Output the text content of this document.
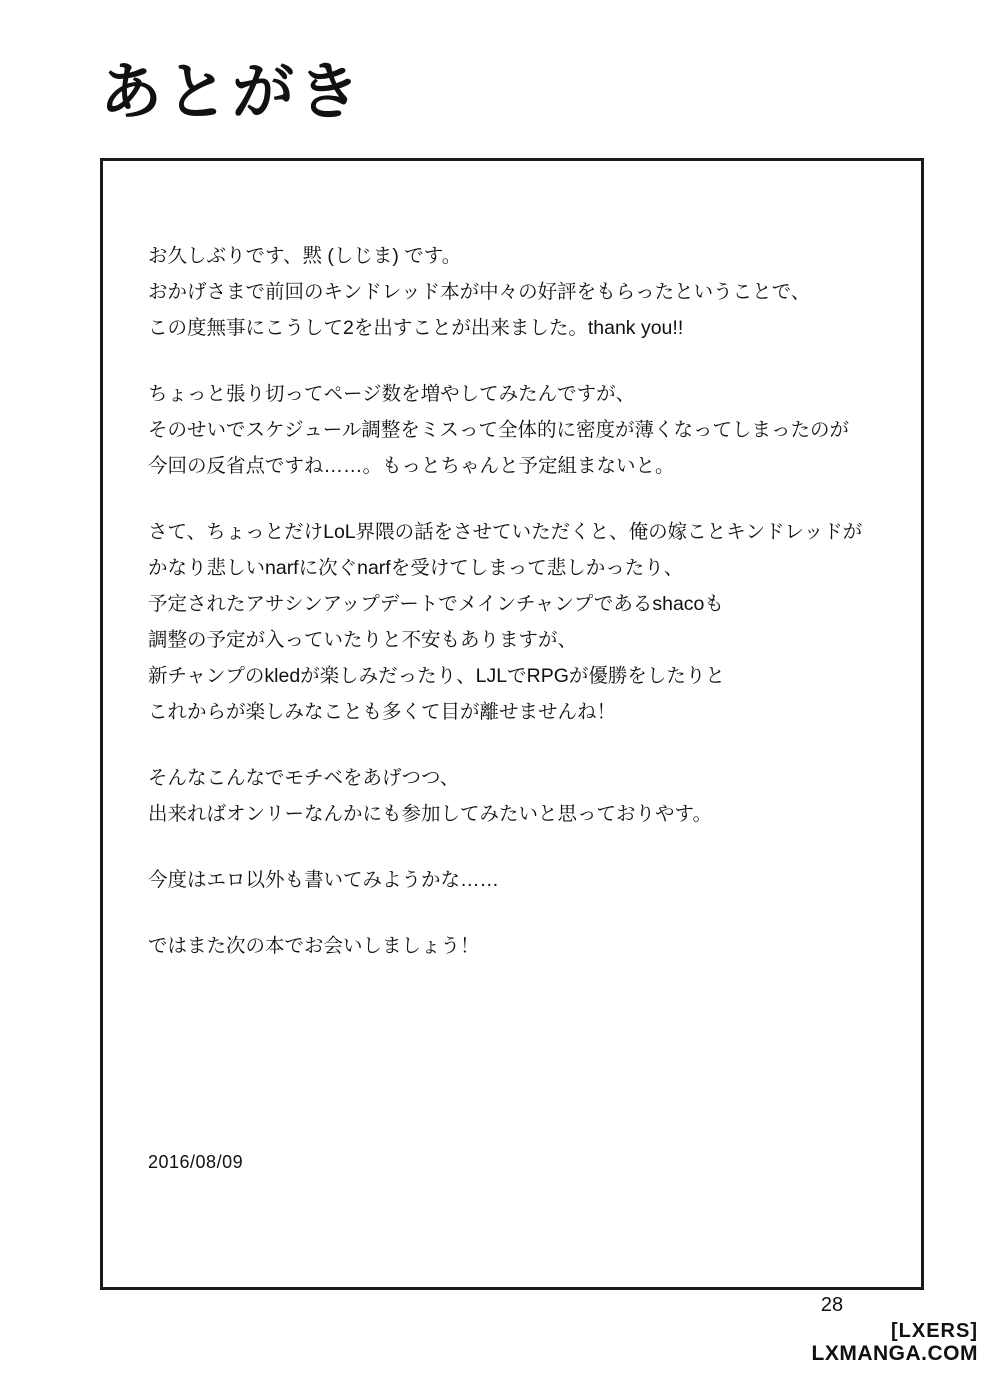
あとがき

お久しぶりです、黙 (しじま) です。
おかげさまで前回のキンドレッド本が中々の好評をもらったということで、
この度無事にこうして2を出すことが出来ました。thank you!!

ちょっと張り切ってページ数を増やしてみたんですが、
そのせいでスケジュール調整をミスって全体的に密度が薄くなってしまったのが
今回の反省点ですね……。もっとちゃんと予定組まないと。

さて、ちょっとだけLoL界隈の話をさせていただくと、俺の嫁ことキンドレッドが
かなり悲しいnarfに次ぐnarfを受けてしまって悲しかったり、
予定されたアサシンアップデートでメインチャンプであるshacoも
調整の予定が入っていたりと不安もありますが、
新チャンプのkledが楽しみだったり、LJLでRPGが優勝をしたりと
これからが楽しみなことも多くて目が離せませんね！

そんなこんなでモチベをあげつつ、
出来ればオンリーなんかにも参加してみたいと思っておりやす。

今度はエロ以外も書いてみようかな……

ではまた次の本でお会いしましょう！

2016/08/09
28
[LXERS]
LXMANGA.COM
